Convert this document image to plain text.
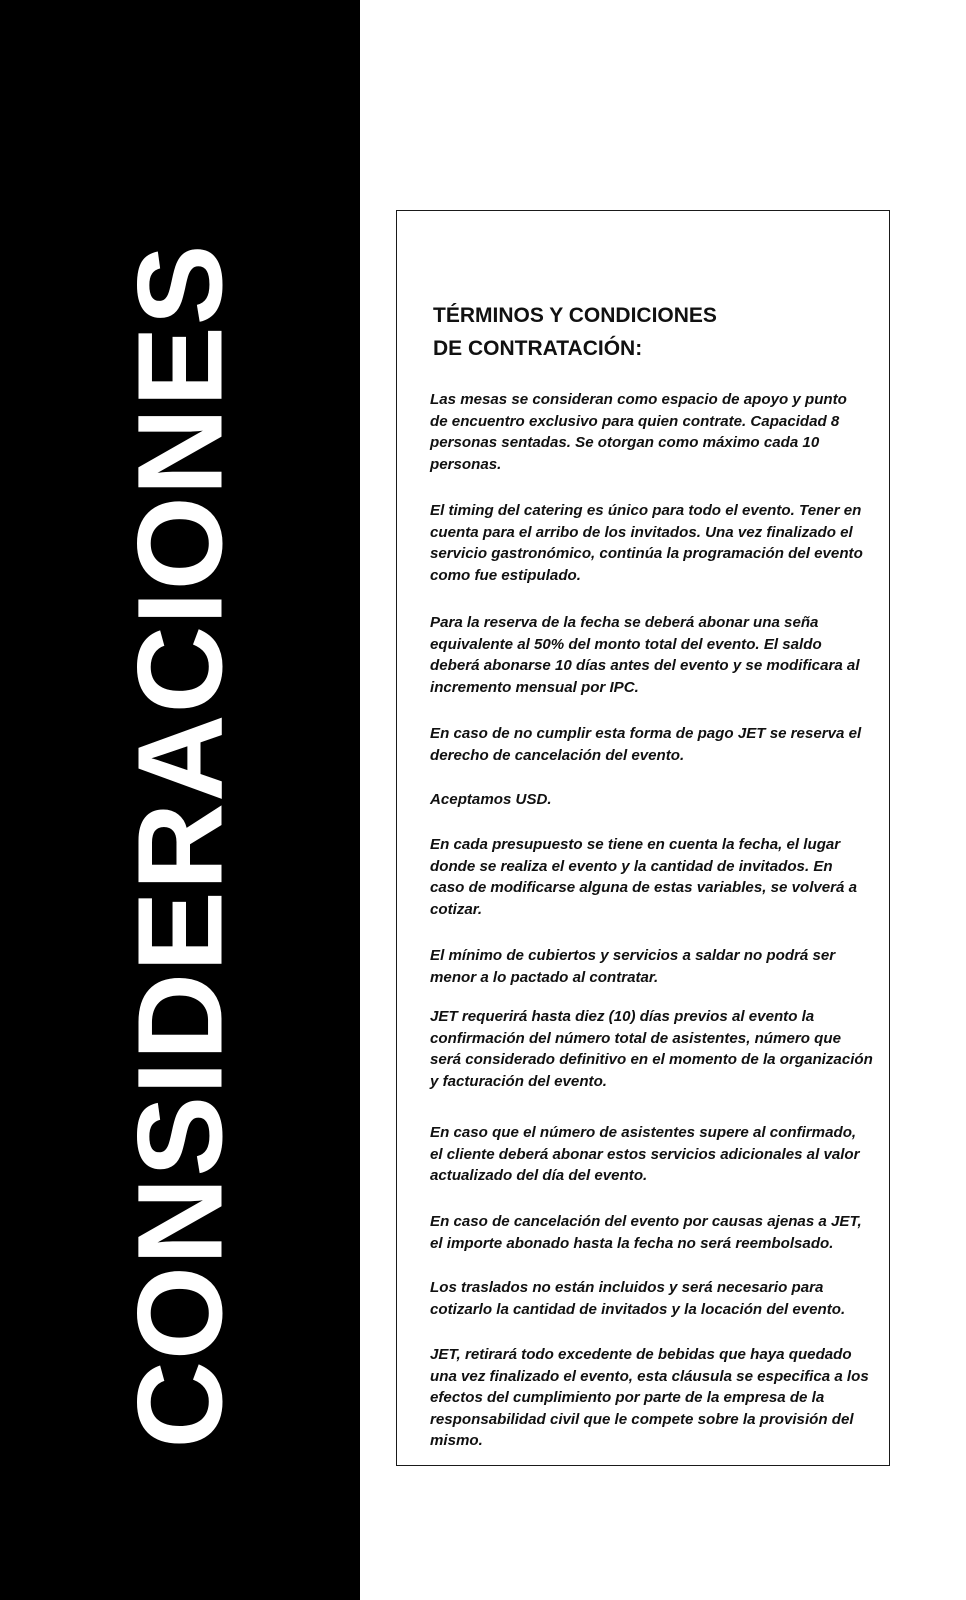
CONSIDERACIONES	TÉRMINOS Y CONDICIONES
DE CONTRATACIÓN:

Las mesas se consideran como espacio de apoyo y punto
de encuentro exclusivo para quien contrate. Capacidad 8
personas sentadas. Se otorgan como máximo cada 10
personas.

El timing del catering es único para todo el evento. Tener en
cuenta para el arribo de los invitados. Una vez finalizado el
servicio gastronómico, continúa la programación del evento
como fue estipulado.

Para la reserva de la fecha se deberá abonar una seña
equivalente al 50% del monto total del evento. El saldo
deberá abonarse 10 días antes del evento y se modificara al
incremento mensual por IPC.

En caso de no cumplir esta forma de pago JET se reserva el
derecho de cancelación del evento.

Aceptamos USD.

En cada presupuesto se tiene en cuenta la fecha, el lugar
donde se realiza el evento y la cantidad de invitados. En
caso de modificarse alguna de estas variables, se volverá a
cotizar.

El mínimo de cubiertos y servicios a saldar no podrá ser
menor a lo pactado al contratar.

JET requerirá hasta diez (10) días previos al evento la
confirmación del número total de asistentes, número que
será considerado definitivo en el momento de la organización
y facturación del evento.

En caso que el número de asistentes supere al confirmado,
el cliente deberá abonar estos servicios adicionales al valor
actualizado del día del evento.

En caso de cancelación del evento por causas ajenas a JET,
el importe abonado hasta la fecha no será reembolsado.

Los traslados no están incluidos y será necesario para
cotizarlo la cantidad de invitados y la locación del evento.

JET, retirará todo excedente de bebidas que haya quedado
una vez finalizado el evento, esta cláusula se especifica a los
efectos del cumplimiento por parte de la empresa de la
responsabilidad civil que le compete sobre la provisión del
mismo.
